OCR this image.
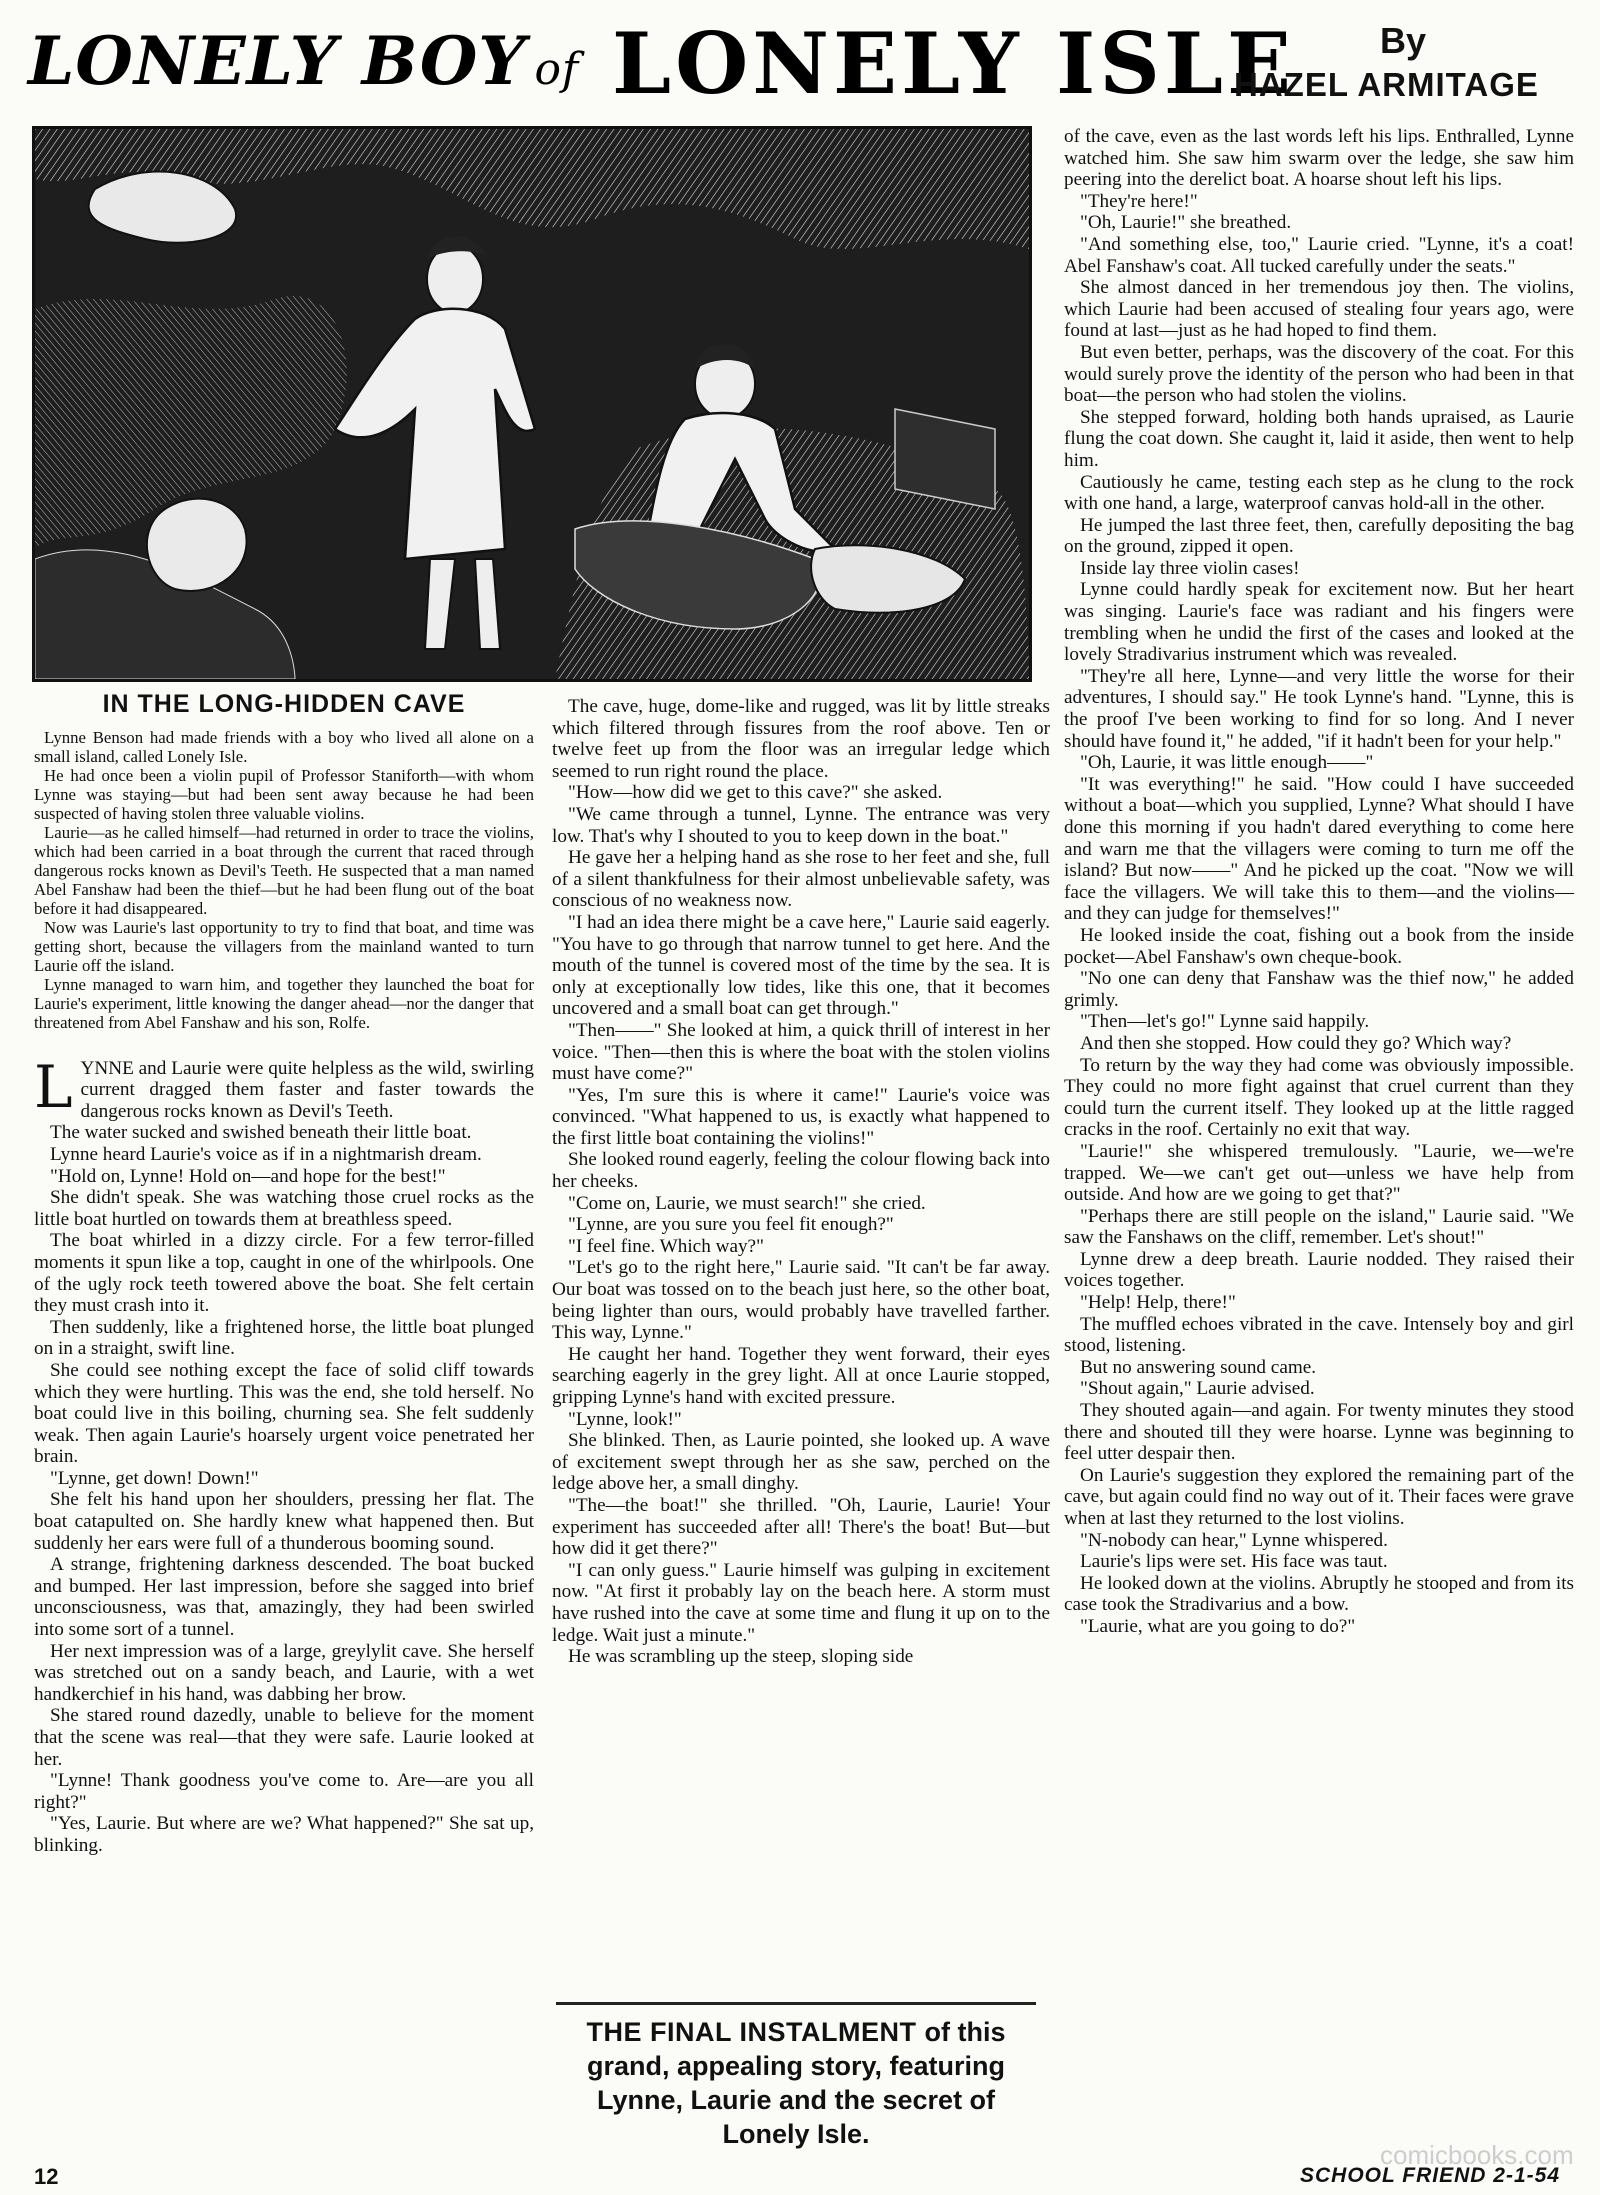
LONELY BOY of LONELY ISLE By
HAZEL ARMITAGE
IN THE LONG-HIDDEN CAVE

Lynne Benson had made friends with a boy who lived all alone on a small island, called Lonely Isle.

He had once been a violin pupil of Professor Staniforth—with whom Lynne was staying—but had been sent away because he had been suspected of having stolen three valuable violins.

Laurie—as he called himself—had returned in order to trace the violins, which had been carried in a boat through the current that raced through dangerous rocks known as Devil's Teeth. He suspected that a man named Abel Fanshaw had been the thief—but he had been flung out of the boat before it had disappeared.

Now was Laurie's last opportunity to try to find that boat, and time was getting short, because the villagers from the mainland wanted to turn Laurie off the island.

Lynne managed to warn him, and together they launched the boat for Laurie's experiment, little knowing the danger ahead—nor the danger that threatened from Abel Fanshaw and his son, Rolfe.

L YNNE and Laurie were quite helpless as the wild, swirling current dragged them faster and faster towards the dangerous rocks known as Devil's Teeth.

The water sucked and swished beneath their little boat.

Lynne heard Laurie's voice as if in a nightmarish dream.

"Hold on, Lynne! Hold on—and hope for the best!"

She didn't speak. She was watching those cruel rocks as the little boat hurtled on towards them at breathless speed.

The boat whirled in a dizzy circle. For a few terror-filled moments it spun like a top, caught in one of the whirlpools. One of the ugly rock teeth towered above the boat. She felt certain they must crash into it.

Then suddenly, like a frightened horse, the little boat plunged on in a straight, swift line.

She could see nothing except the face of solid cliff towards which they were hurtling. This was the end, she told herself. No boat could live in this boiling, churning sea. She felt suddenly weak. Then again Laurie's hoarsely urgent voice penetrated her brain.

"Lynne, get down! Down!"

She felt his hand upon her shoulders, pressing her flat. The boat catapulted on. She hardly knew what happened then. But suddenly her ears were full of a thunderous booming sound.

A strange, frightening darkness descended. The boat bucked and bumped. Her last impression, before she sagged into brief unconsciousness, was that, amazingly, they had been swirled into some sort of a tunnel.

Her next impression was of a large, greylylit cave. She herself was stretched out on a sandy beach, and Laurie, with a wet handkerchief in his hand, was dabbing her brow.

She stared round dazedly, unable to believe for the moment that the scene was real—that they were safe. Laurie looked at her.

"Lynne! Thank goodness you've come to. Are—are you all right?"

"Yes, Laurie. But where are we? What happened?" She sat up, blinking.

The cave, huge, dome-like and rugged, was lit by little streaks which filtered through fissures from the roof above. Ten or twelve feet up from the floor was an irregular ledge which seemed to run right round the place.

"How—how did we get to this cave?" she asked.

"We came through a tunnel, Lynne. The entrance was very low. That's why I shouted to you to keep down in the boat."

He gave her a helping hand as she rose to her feet and she, full of a silent thankfulness for their almost unbelievable safety, was conscious of no weakness now.

"I had an idea there might be a cave here," Laurie said eagerly. "You have to go through that narrow tunnel to get here. And the mouth of the tunnel is covered most of the time by the sea. It is only at exceptionally low tides, like this one, that it becomes uncovered and a small boat can get through."

"Then——" She looked at him, a quick thrill of interest in her voice. "Then—then this is where the boat with the stolen violins must have come?"

"Yes, I'm sure this is where it came!" Laurie's voice was convinced. "What happened to us, is exactly what happened to the first little boat containing the violins!"

She looked round eagerly, feeling the colour flowing back into her cheeks.

"Come on, Laurie, we must search!" she cried.

"Lynne, are you sure you feel fit enough?"

"I feel fine. Which way?"

"Let's go to the right here," Laurie said. "It can't be far away. Our boat was tossed on to the beach just here, so the other boat, being lighter than ours, would probably have travelled farther. This way, Lynne."

He caught her hand. Together they went forward, their eyes searching eagerly in the grey light. All at once Laurie stopped, gripping Lynne's hand with excited pressure.

"Lynne, look!"

She blinked. Then, as Laurie pointed, she looked up. A wave of excitement swept through her as she saw, perched on the ledge above her, a small dinghy.

"The—the boat!" she thrilled. "Oh, Laurie, Laurie! Your experiment has succeeded after all! There's the boat! But—but how did it get there?"

"I can only guess." Laurie himself was gulping in excitement now. "At first it probably lay on the beach here. A storm must have rushed into the cave at some time and flung it up on to the ledge. Wait just a minute."

He was scrambling up the steep, sloping side

of the cave, even as the last words left his lips. Enthralled, Lynne watched him. She saw him swarm over the ledge, she saw him peering into the derelict boat. A hoarse shout left his lips.

"They're here!"

"Oh, Laurie!" she breathed.

"And something else, too," Laurie cried. "Lynne, it's a coat! Abel Fanshaw's coat. All tucked carefully under the seats."

She almost danced in her tremendous joy then. The violins, which Laurie had been accused of stealing four years ago, were found at last—just as he had hoped to find them.

But even better, perhaps, was the discovery of the coat. For this would surely prove the identity of the person who had been in that boat—the person who had stolen the violins.

She stepped forward, holding both hands upraised, as Laurie flung the coat down. She caught it, laid it aside, then went to help him.

Cautiously he came, testing each step as he clung to the rock with one hand, a large, waterproof canvas hold-all in the other.

He jumped the last three feet, then, carefully depositing the bag on the ground, zipped it open.

Inside lay three violin cases!

Lynne could hardly speak for excitement now. But her heart was singing. Laurie's face was radiant and his fingers were trembling when he undid the first of the cases and looked at the lovely Stradivarius instrument which was revealed.

"They're all here, Lynne—and very little the worse for their adventures, I should say." He took Lynne's hand. "Lynne, this is the proof I've been working to find for so long. And I never should have found it," he added, "if it hadn't been for your help."

"Oh, Laurie, it was little enough——"

"It was everything!" he said. "How could I have succeeded without a boat—which you supplied, Lynne? What should I have done this morning if you hadn't dared everything to come here and warn me that the villagers were coming to turn me off the island? But now——" And he picked up the coat. "Now we will face the villagers. We will take this to them—and the violins—and they can judge for themselves!"

He looked inside the coat, fishing out a book from the inside pocket—Abel Fanshaw's own cheque-book.

"No one can deny that Fanshaw was the thief now," he added grimly.

"Then—let's go!" Lynne said happily.

And then she stopped. How could they go? Which way?

To return by the way they had come was obviously impossible. They could no more fight against that cruel current than they could turn the current itself. They looked up at the little ragged cracks in the roof. Certainly no exit that way.

"Laurie!" she whispered tremulously. "Laurie, we—we're trapped. We—we can't get out—unless we have help from outside. And how are we going to get that?"

"Perhaps there are still people on the island," Laurie said. "We saw the Fanshaws on the cliff, remember. Let's shout!"

Lynne drew a deep breath. Laurie nodded. They raised their voices together.

"Help! Help, there!"

The muffled echoes vibrated in the cave. Intensely boy and girl stood, listening.

But no answering sound came.

"Shout again," Laurie advised.

They shouted again—and again. For twenty minutes they stood there and shouted till they were hoarse. Lynne was beginning to feel utter despair then.

On Laurie's suggestion they explored the remaining part of the cave, but again could find no way out of it. Their faces were grave when at last they returned to the lost violins.

"N-nobody can hear," Lynne whispered.

Laurie's lips were set. His face was taut.

He looked down at the violins. Abruptly he stooped and from its case took the Stradivarius and a bow.

"Laurie, what are you going to do?"

THE FINAL INSTALMENT of this grand, appealing story, featuring Lynne, Laurie and the secret of Lonely Isle.
comicbooks.com
12	SCHOOL FRIEND 2-1-54
